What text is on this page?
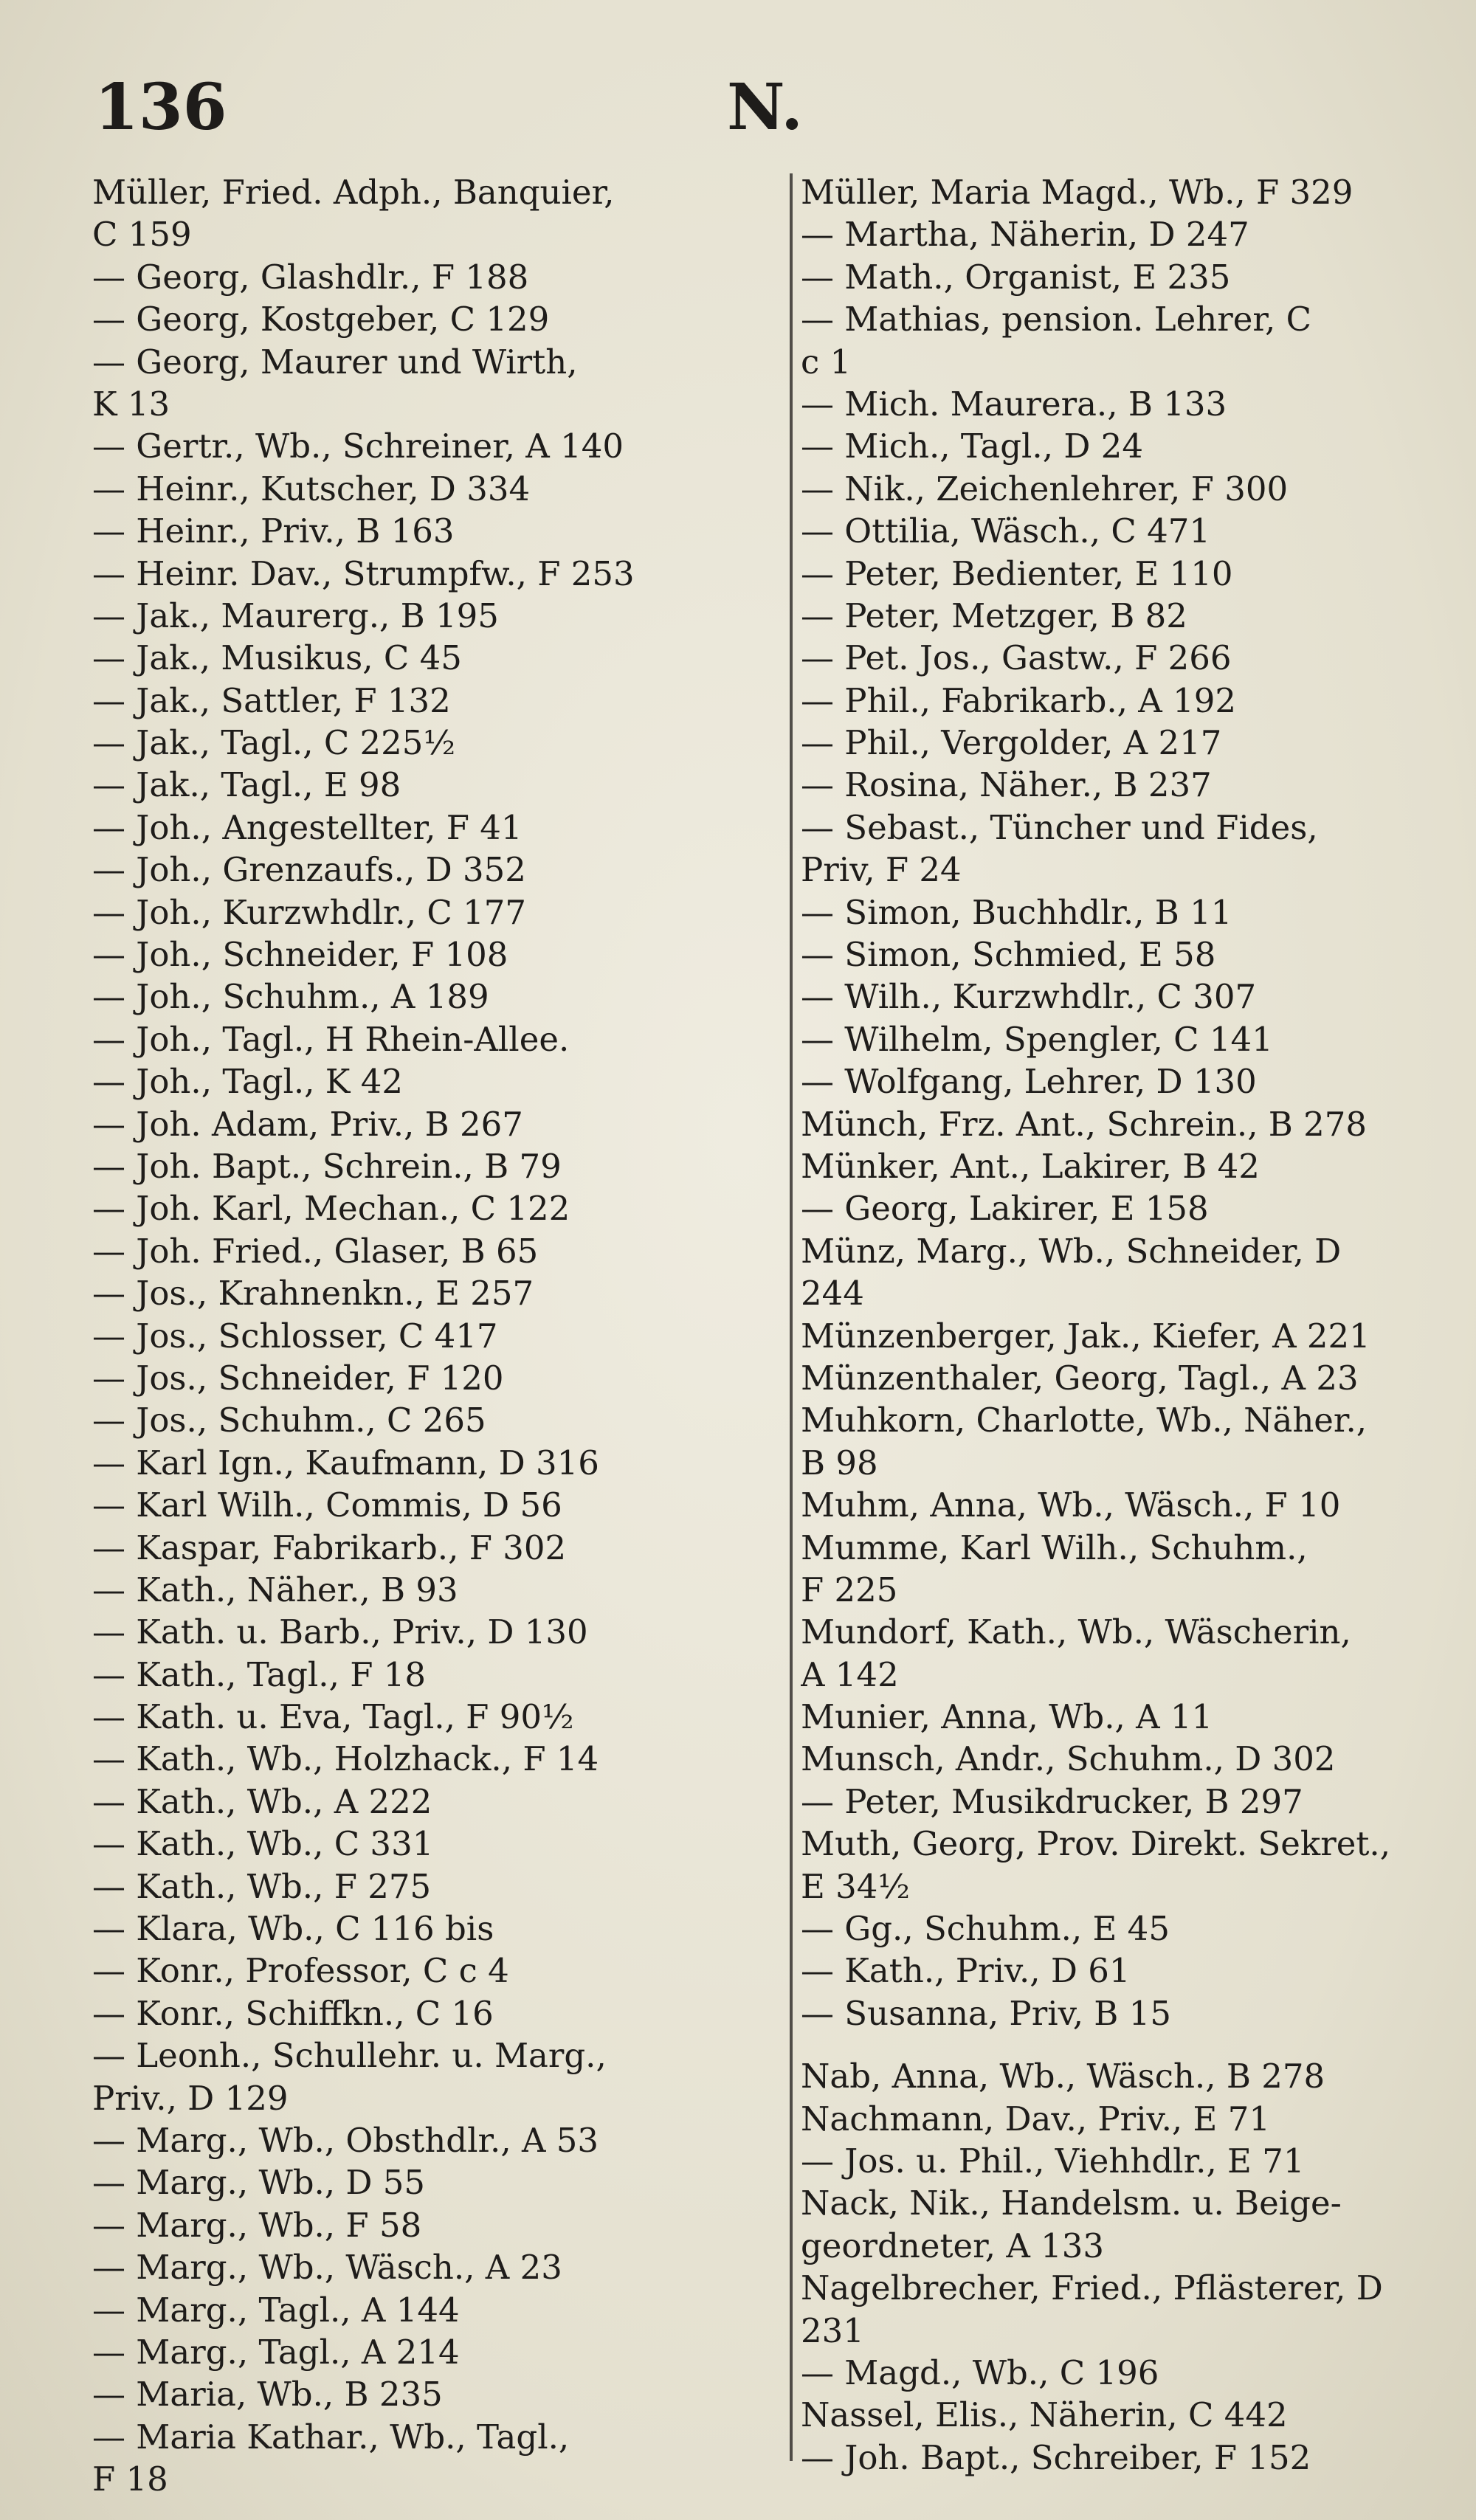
136	N.
Müller, Fried. Adph., Banquier,
C 159
— Georg, Glashdlr., F 188
— Georg, Kostgeber, C 129
— Georg, Maurer und Wirth,
K 13
— Gertr., Wb., Schreiner, A 140
— Heinr., Kutscher, D 334
— Heinr., Priv., B 163
— Heinr. Dav., Strumpfw., F 253
— Jak., Maurerg., B 195
— Jak., Musikus, C 45
— Jak., Sattler, F 132
— Jak., Tagl., C 225½
— Jak., Tagl., E 98
— Joh., Angestellter, F 41
— Joh., Grenzaufs., D 352
— Joh., Kurzwhdlr., C 177
— Joh., Schneider, F 108
— Joh., Schuhm., A 189
— Joh., Tagl., H Rhein-Allee.
— Joh., Tagl., K 42
— Joh. Adam, Priv., B 267
— Joh. Bapt., Schrein., B 79
— Joh. Karl, Mechan., C 122
— Joh. Fried., Glaser, B 65
— Jos., Krahnenkn., E 257
— Jos., Schlosser, C 417
— Jos., Schneider, F 120
— Jos., Schuhm., C 265
— Karl Ign., Kaufmann, D 316
— Karl Wilh., Commis, D 56
— Kaspar, Fabrikarb., F 302
— Kath., Näher., B 93
— Kath. u. Barb., Priv., D 130
— Kath., Tagl., F 18
— Kath. u. Eva, Tagl., F 90½
— Kath., Wb., Holzhack., F 14
— Kath., Wb., A 222
— Kath., Wb., C 331
— Kath., Wb., F 275
— Klara, Wb., C 116 bis
— Konr., Professor, C c 4
— Konr., Schiffkn., C 16
— Leonh., Schullehr. u. Marg.,
Priv., D 129
— Marg., Wb., Obsthdlr., A 53
— Marg., Wb., D 55
— Marg., Wb., F 58
— Marg., Wb., Wäsch., A 23
— Marg., Tagl., A 144
— Marg., Tagl., A 214
— Maria, Wb., B 235
— Maria Kathar., Wb., Tagl.,
F 18
Müller, Maria Magd., Wb., F 329
— Martha, Näherin, D 247
— Math., Organist, E 235
— Mathias, pension. Lehrer, C
c 1
— Mich. Maurera., B 133
— Mich., Tagl., D 24
— Nik., Zeichenlehrer, F 300
— Ottilia, Wäsch., C 471
— Peter, Bedienter, E 110
— Peter, Metzger, B 82
— Pet. Jos., Gastw., F 266
— Phil., Fabrikarb., A 192
— Phil., Vergolder, A 217
— Rosina, Näher., B 237
— Sebast., Tüncher und Fides,
Priv, F 24
— Simon, Buchhdlr., B 11
— Simon, Schmied, E 58
— Wilh., Kurzwhdlr., C 307
— Wilhelm, Spengler, C 141
— Wolfgang, Lehrer, D 130
Münch, Frz. Ant., Schrein., B 278
Münker, Ant., Lakirer, B 42
— Georg, Lakirer, E 158
Münz, Marg., Wb., Schneider, D
244
Münzenberger, Jak., Kiefer, A 221
Münzenthaler, Georg, Tagl., A 23
Muhkorn, Charlotte, Wb., Näher.,
B 98
Muhm, Anna, Wb., Wäsch., F 10
Mumme, Karl Wilh., Schuhm.,
F 225
Mundorf, Kath., Wb., Wäscherin,
A 142
Munier, Anna, Wb., A 11
Munsch, Andr., Schuhm., D 302
— Peter, Musikdrucker, B 297
Muth, Georg, Prov. Direkt. Sekret.,
E 34½
— Gg., Schuhm., E 45
— Kath., Priv., D 61
— Susanna, Priv, B 15
Nab, Anna, Wb., Wäsch., B 278
Nachmann, Dav., Priv., E 71
— Jos. u. Phil., Viehhdlr., E 71
Nack, Nik., Handelsm. u. Beige-
geordneter, A 133
Nagelbrecher, Fried., Pflästerer, D
231
— Magd., Wb., C 196
Nassel, Elis., Näherin, C 442
— Joh. Bapt., Schreiber, F 152
